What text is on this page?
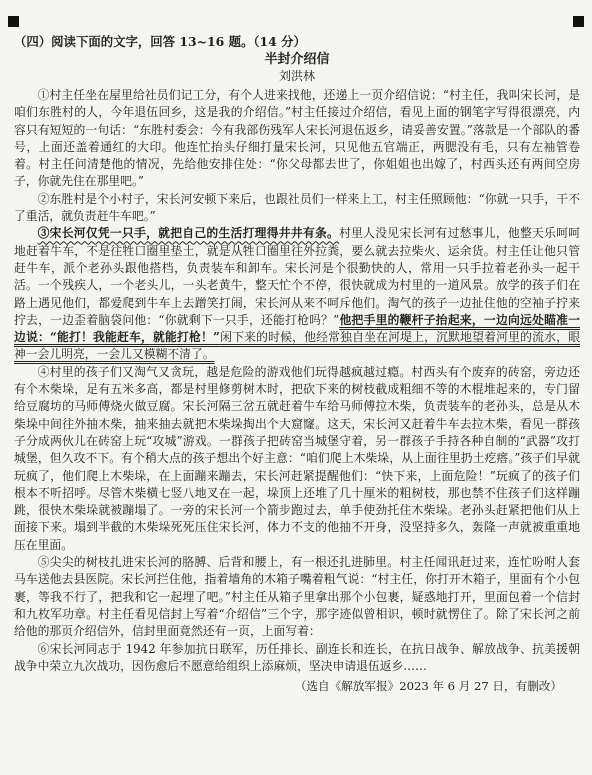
（四）阅读下面的文字，回答 13~16 题。（14 分）
半封介绍信
刘洪林

①村主任坐在屋里给社员们记工分，有个人进来找他，还递上一页介绍信说：“村主任，我叫宋长河，是咱们东胜村的人，今年退伍回乡，这是我的介绍信。”村主任接过介绍信，看见上面的钢笔字写得很漂亮，内容只有短短的一句话：“东胜村委会：今有我部伤残军人宋长河退伍返乡，请妥善安置。”落款是一个部队的番号，上面还盖着通红的大印。他连忙抬头仔细打量宋长河，只见他五官端正，两腮没有毛，只有左袖管卷着。村主任问清楚他的情况，先给他安排住处：“你父母都去世了，你姐姐也出嫁了，村西头还有两间空房子，你就先住在那里吧。”

②东胜村是个小村子，宋长河安顿下来后，也跟社员们一样来上工，村主任照顾他：“你就一只手，干不了重活，就负责赶牛车吧。”

③宋长河仅凭一只手，就把自己的生活打理得井井有条。村里人没见宋长河有过愁事儿，他整天乐呵呵地赶着牛车，不是往牲口圈里垫土，就是从牲口圈里往外拉粪，要么就去拉柴火、运余货。村主任让他只管赶牛车，派个老孙头跟他搭档，负责装车和卸车。宋长河是个很勤快的人，常用一只手拉着老孙头一起干活。一个残疾人，一个老头儿，一头老黄牛，整天忙个不停，很快就成为村里的一道风景。放学的孩子们在路上遇见他们，都爱爬到牛车上去蹭笑打闹，宋长河从来不呵斥他们。淘气的孩子一边扯住他的空袖子拧来拧去，一边歪着脑袋问他：“你就剩下一只手，还能打枪吗？”他把手里的鞭杆子抬起来，一边向远处瞄准一边说：“能打！我能赶车，就能打枪！”闲下来的时候，他经常独自坐在河堤上，沉默地望着河里的流水，眼神一会儿明亮，一会儿又模糊不清了。

④村里的孩子们又淘气又贪玩，越是危险的游戏他们玩得越疯越过瘾。村西头有个废弃的砖窑，旁边还有个木柴垛，足有五米多高，都是村里修剪树木时，把砍下来的树枝截成粗细不等的木棍堆起来的，专门留给豆腐坊的马师傅烧火做豆腐。宋长河隔三岔五就赶着牛车给马师傅拉木柴，负责装车的老孙头，总是从木柴垛中间往外抽木柴，抽来抽去就把木柴垛掏出个大窟窿。这天，宋长河又赶着牛车去拉木柴，看见一群孩子分成两伙儿在砖窑上玩“攻城”游戏。一群孩子把砖窑当城堡守着，另一群孩子手持各种自制的“武器”攻打城堡，但久攻不下。有个稍大点的孩子想出个好主意：“咱们爬上木柴垛，从上面往里扔土疙瘩。”孩子们早就玩疯了，他们爬上木柴垛，在上面蹦来蹦去，宋长河赶紧提醒他们：“快下来，上面危险！”玩疯了的孩子们根本不听招呼。尽管木柴横七竖八地叉在一起，垛顶上还堆了几十厘米的粗树枝，那也禁不住孩子们这样蹦跳，很快木柴垛就被蹦塌了。一旁的宋长河一个箭步跑过去，单手使劲托住木柴垛。老孙头赶紧把他们从上面接下来。塌到半截的木柴垛死死压住宋长河，体力不支的他抽不开身，没坚持多久，轰隆一声就被重重地压在里面。

⑤尖尖的树枝扎进宋长河的胳膊、后背和腰上，有一根还扎进肺里。村主任闻讯赶过来，连忙吩咐人套马车送他去县医院。宋长河拦住他，指着墙角的木箱子嘴着粗气说：“村主任，你打开木箱子，里面有个小包裹，等我不行了，把我和它一起埋了吧。”村主任从箱子里拿出那个小包裹，疑惑地打开，里面包着一个信封和九枚军功章。村主任看见信封上写着“介绍信”三个字，那字迹似曾相识，顿时就愣住了。除了宋长河之前给他的那页介绍信外，信封里面竟然还有一页，上面写着：

⑥宋长河同志于 1942 年参加抗日联军，历任排长、副连长和连长，在抗日战争、解放战争、抗美援朝战争中荣立九次战功，因伤愈后不愿意给组织上添麻烦，坚决申请退伍返乡……

（选自《解放军报》2023 年 6 月 27 日，有删改）
